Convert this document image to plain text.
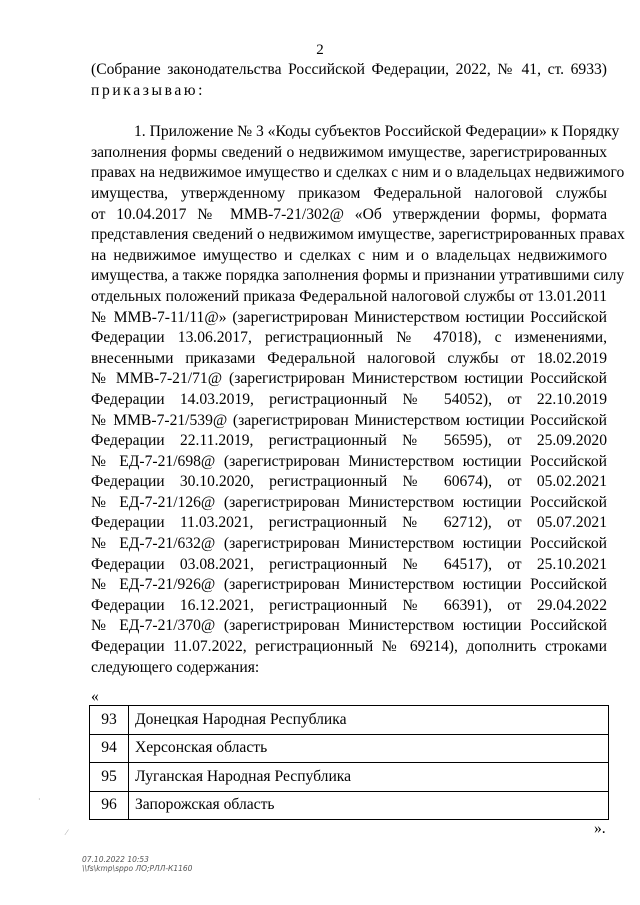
2
(Собрание законодательства Российской Федерации, 2022, № 41, ст. 6933)
приказываю:
1. Приложение № 3 «Коды субъектов Российской Федерации» к Порядку
заполнения формы сведений о недвижимом имуществе, зарегистрированных
правах на недвижимое имущество и сделках с ним и о владельцах недвижимого
имущества, утвержденному приказом Федеральной налоговой службы
от 10.04.2017 № ММВ-7-21/302@ «Об утверждении формы, формата
представления сведений о недвижимом имуществе, зарегистрированных правах
на недвижимое имущество и сделках с ним и о владельцах недвижимого
имущества, а также порядка заполнения формы и признании утратившими силу
отдельных положений приказа Федеральной налоговой службы от 13.01.2011
№ ММВ-7-11/11@» (зарегистрирован Министерством юстиции Российской
Федерации 13.06.2017, регистрационный № 47018), с изменениями,
внесенными приказами Федеральной налоговой службы от 18.02.2019
№ ММВ-7-21/71@ (зарегистрирован Министерством юстиции Российской
Федерации 14.03.2019, регистрационный № 54052), от 22.10.2019
№ ММВ-7-21/539@ (зарегистрирован Министерством юстиции Российской
Федерации 22.11.2019, регистрационный № 56595), от 25.09.2020
№ ЕД-7-21/698@ (зарегистрирован Министерством юстиции Российской
Федерации 30.10.2020, регистрационный № 60674), от 05.02.2021
№ ЕД-7-21/126@ (зарегистрирован Министерством юстиции Российской
Федерации 11.03.2021, регистрационный № 62712), от 05.07.2021
№ ЕД-7-21/632@ (зарегистрирован Министерством юстиции Российской
Федерации 03.08.2021, регистрационный № 64517), от 25.10.2021
№ ЕД-7-21/926@ (зарегистрирован Министерством юстиции Российской
Федерации 16.12.2021, регистрационный № 66391), от 29.04.2022
№ ЕД-7-21/370@ (зарегистрирован Министерством юстиции Российской
Федерации 11.07.2022, регистрационный № 69214), дополнить строками
следующего содержания:
«
93	Донецкая Народная Республика
94	Херсонская область
95	Луганская Народная Республика
96	Запорожская область
».
·
⁄
07.10.2022 10:53
\\fs\kmp\sppo ЛО;РЛЛ-К1160
